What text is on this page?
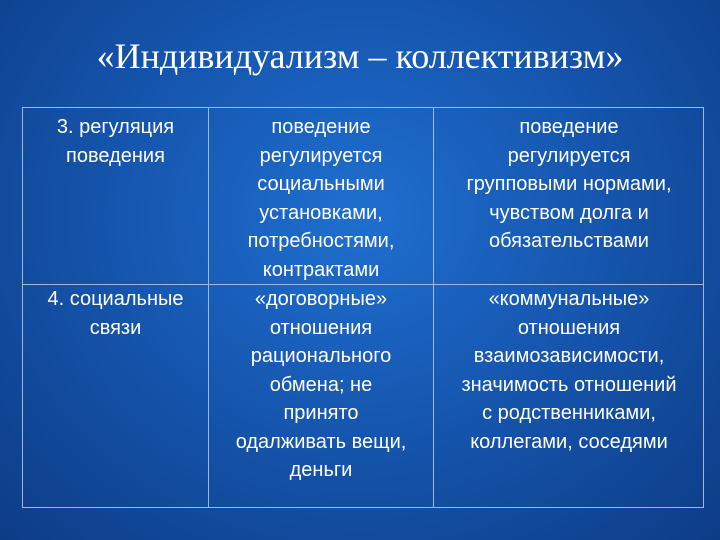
«Индивидуализм – коллективизм»
3. регуляция
поведения
поведение
регулируется
социальными
установками,
потребностями,
контрактами
поведение
регулируется
групповыми нормами,
чувством долга и
обязательствами
4. социальные
связи
«договорные»
отношения
рационального
обмена; не
принято
одалживать вещи,
деньги
«коммунальные»
отношения
взаимозависимости,
значимость отношений
с родственниками,
коллегами, соседями
